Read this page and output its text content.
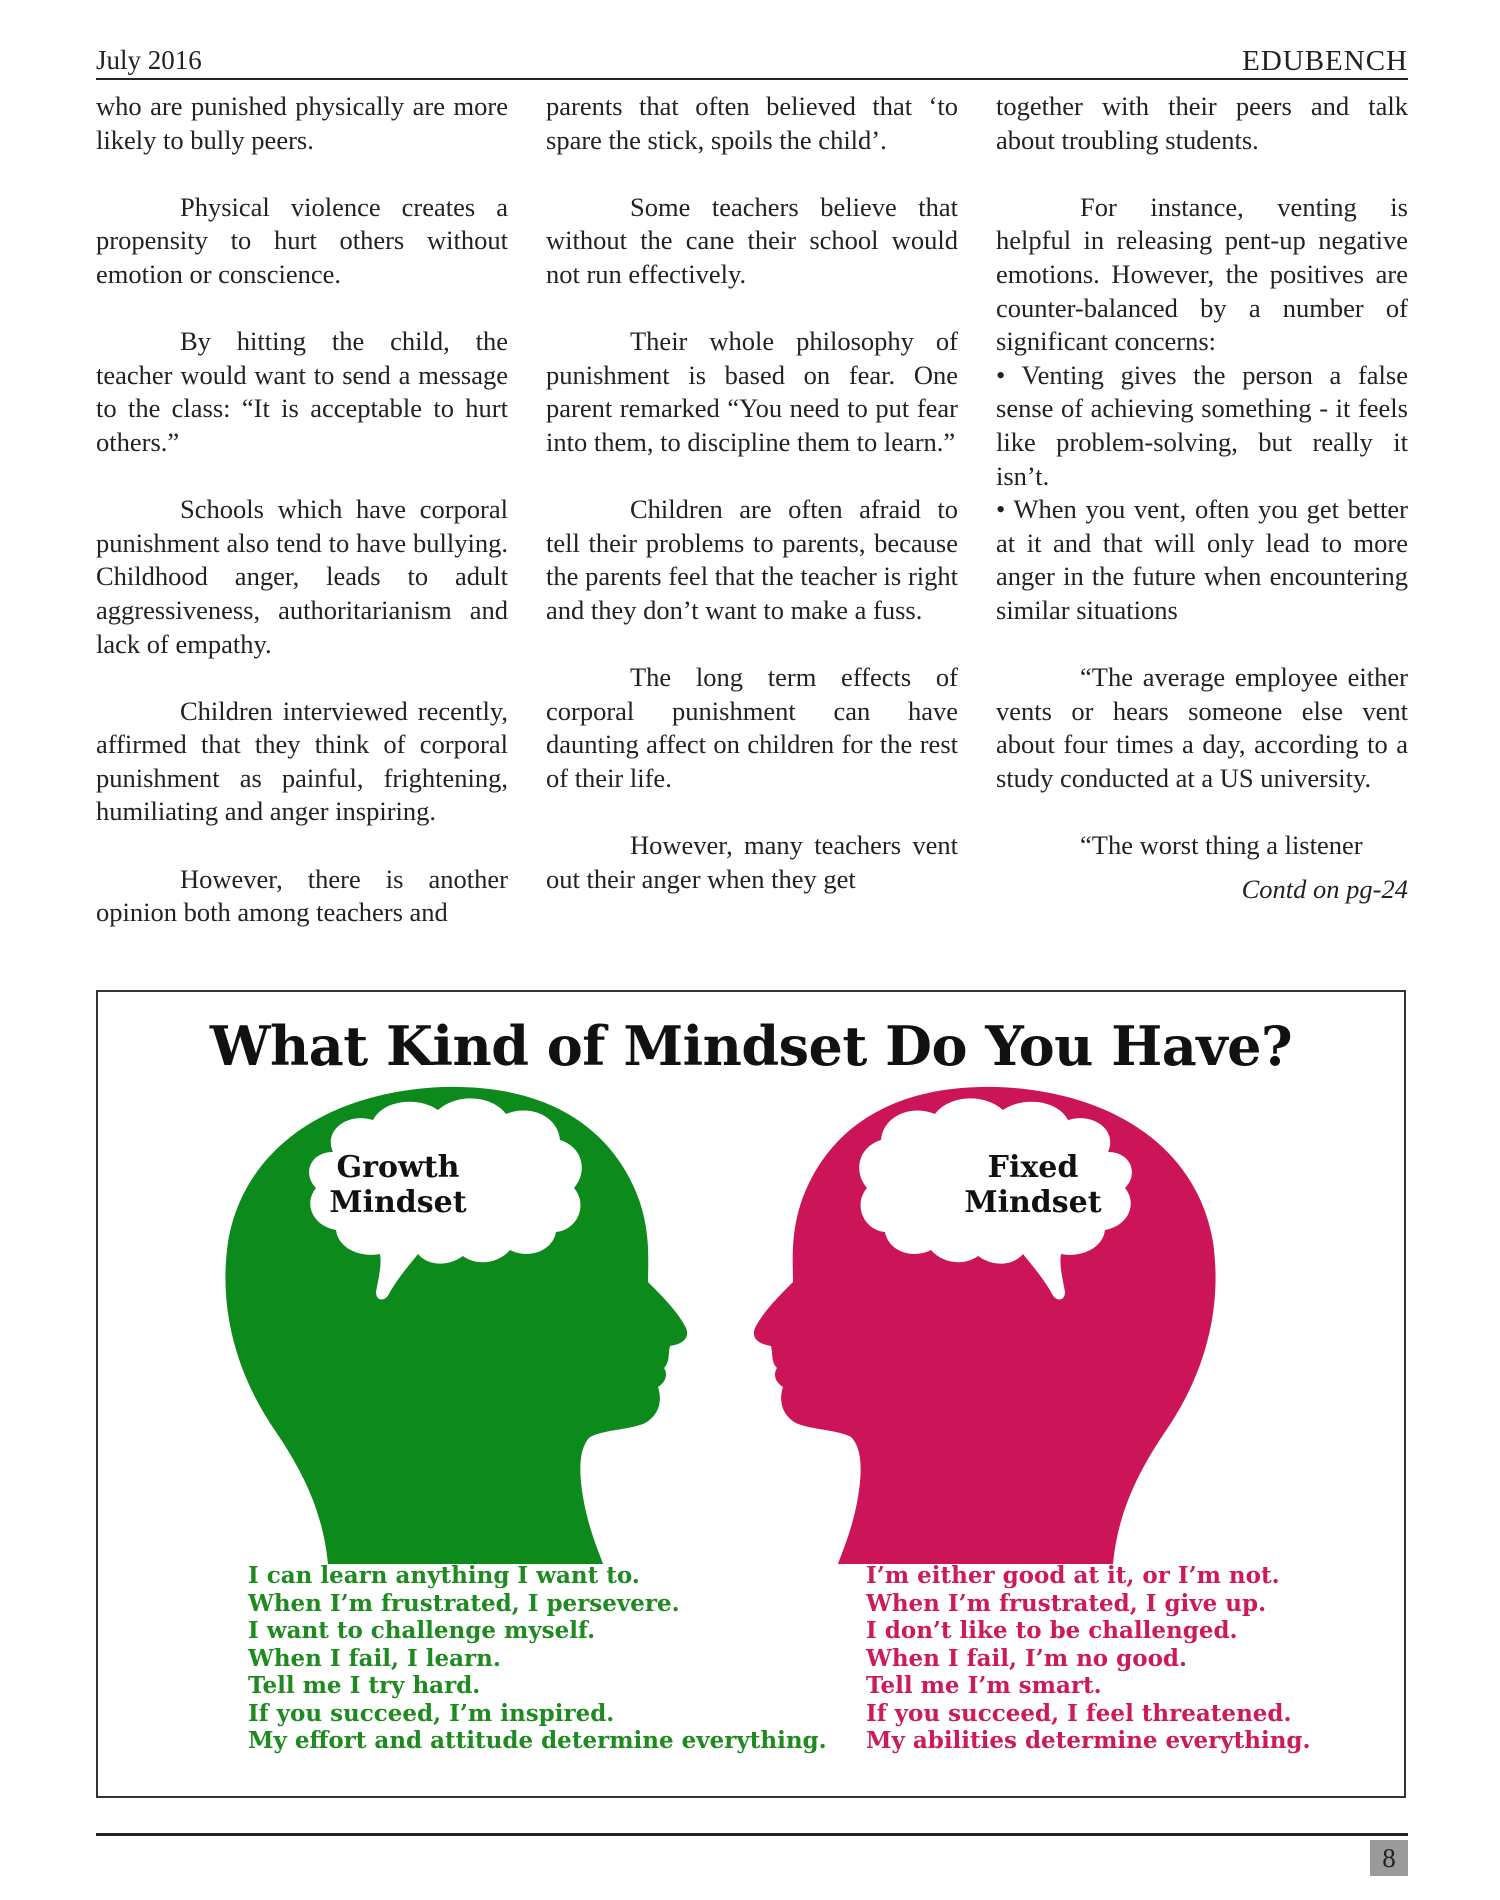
July 2016	EDUBENCH

who are punished physically are more likely to bully peers.

Physical violence creates a propensity to hurt others without emotion or conscience.

By hitting the child, the teacher would want to send a message to the class: “It is acceptable to hurt others.”

Schools which have corporal punishment also tend to have bullying. Childhood anger, leads to adult aggressiveness, authoritarianism and lack of empathy.

Children interviewed recently, affirmed that they think of corporal punishment as painful, frightening, humiliating and anger inspiring.

However, there is another opinion both among teachers and

parents that often believed that ‘to spare the stick, spoils the child’.

Some teachers believe that without the cane their school would not run effectively.

Their whole philosophy of punishment is based on fear. One parent remarked “You need to put fear into them, to discipline them to learn.”

Children are often afraid to tell their problems to parents, because the parents feel that the teacher is right and they don’t want to make a fuss.

The long term effects of corporal punishment can have daunting affect on children for the rest of their life.

However, many teachers vent out their anger when they get

together with their peers and talk about troubling students.

For instance, venting is helpful in releasing pent-up negative emotions. However, the positives are counter-balanced by a number of significant concerns:

• Venting gives the person a false sense of achieving something - it feels like problem-solving, but really it isn’t.

• When you vent, often you get better at it and that will only lead to more anger in the future when encountering similar situations

“The average employee either vents or hears someone else vent about four times a day, according to a study conducted at a US university.

“The worst thing a listener

Contd on pg-24
What Kind of Mindset Do You Have?
Growth
Mindset
Fixed
Mindset
I can learn anything I want to.
When I’m frustrated, I persevere.
I want to challenge myself.
When I fail, I learn.
Tell me I try hard.
If you succeed, I’m inspired.
My effort and attitude determine everything.
I’m either good at it, or I’m not.
When I’m frustrated, I give up.
I don’t like to be challenged.
When I fail, I’m no good.
Tell me I’m smart.
If you succeed, I feel threatened.
My abilities determine everything.
8
